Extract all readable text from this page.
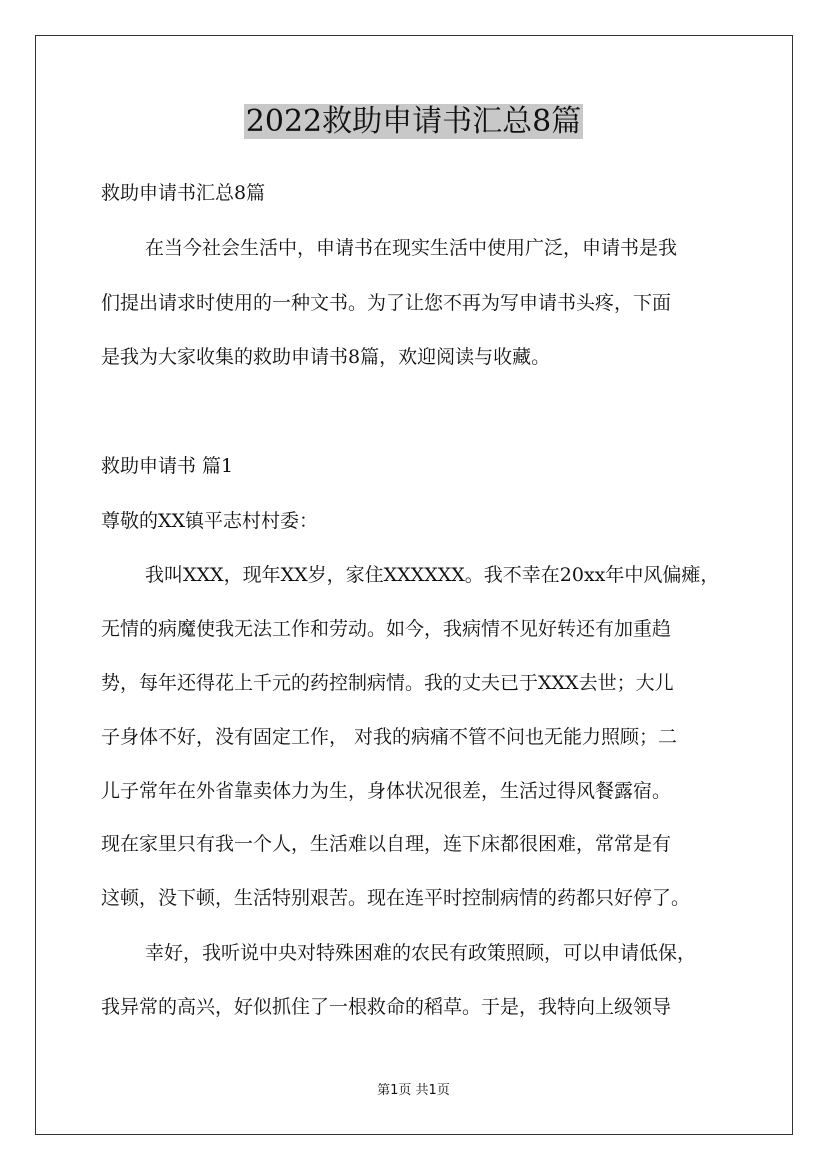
2022救助申请书汇总8篇
救助申请书汇总8篇
在当今社会生活中，申请书在现实生活中使用广泛，申请书是我
们提出请求时使用的一种文书。为了让您不再为写申请书头疼，下面
是我为大家收集的救助申请书8篇，欢迎阅读与收藏。
救助申请书 篇1
尊敬的XX镇平志村村委：
我叫XXX，现年XX岁，家住XXXXXX。我不幸在20xx年中风偏瘫，
无情的病魔使我无法工作和劳动。如今，我病情不见好转还有加重趋
势，每年还得花上千元的药控制病情。我的丈夫已于XXX去世；大儿
子身体不好，没有固定工作， 对我的病痛不管不问也无能力照顾；二
儿子常年在外省靠卖体力为生，身体状况很差，生活过得风餐露宿。
现在家里只有我一个人，生活难以自理，连下床都很困难，常常是有
这顿，没下顿，生活特别艰苦。现在连平时控制病情的药都只好停了。
幸好，我听说中央对特殊困难的农民有政策照顾，可以申请低保，
我异常的高兴，好似抓住了一根救命的稻草。于是，我特向上级领导
第1页 共1页
